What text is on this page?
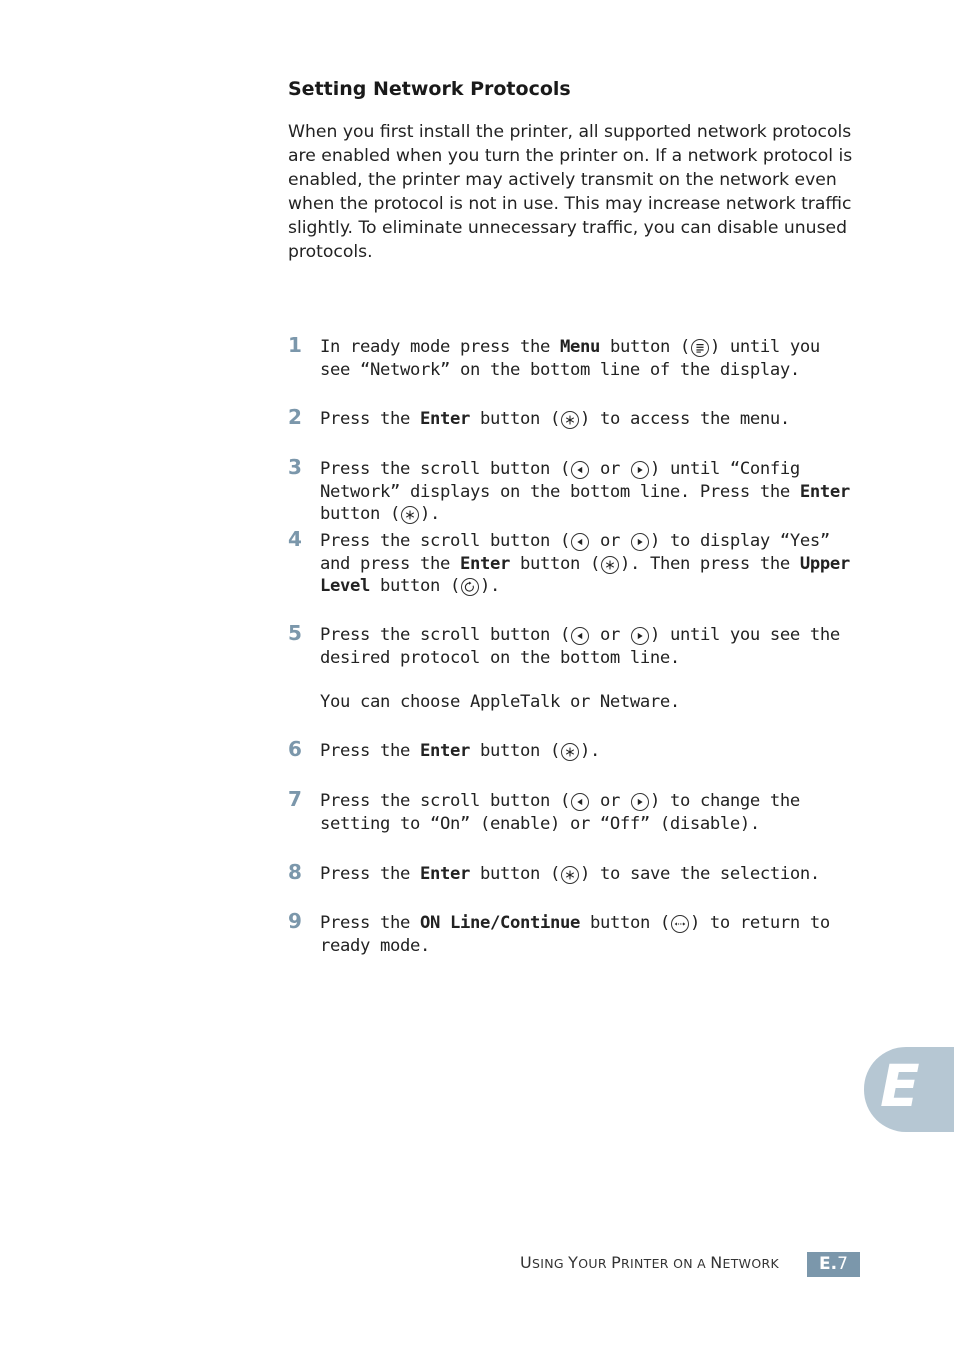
Setting Network Protocols

When you first install the printer, all supported network protocols are enabled when you turn the printer on. If a network protocol is enabled, the printer may actively transmit on the network even when the protocol is not in use. This may increase network traffic slightly. To eliminate unnecessary traffic, you can disable unused protocols.

1 In ready mode press the Menu button ( ) until you see “Network” on the bottom line of the display.
2 Press the Enter button ( ) to access the menu.
3 Press the scroll button (
or
) until “Config Network” displays on the bottom line. Press the Enter button ( ).
4 Press the scroll button (
or
) to display “Yes” and press the Enter button ( ). Then press the Upper Level button ( ).
5 Press the scroll button (
or
) until you see the desired protocol on the bottom line.
You can choose AppleTalk or Netware.
6 Press the Enter button ( ).
7 Press the scroll button (
or
) to change the setting to “On” (enable) or “Off” (disable).
8 Press the Enter button ( ) to save the selection.
9 Press the ON Line/Continue button ( ) to return to ready mode.
E
USING YOUR PRINTER ON A NETWORK	E.7
